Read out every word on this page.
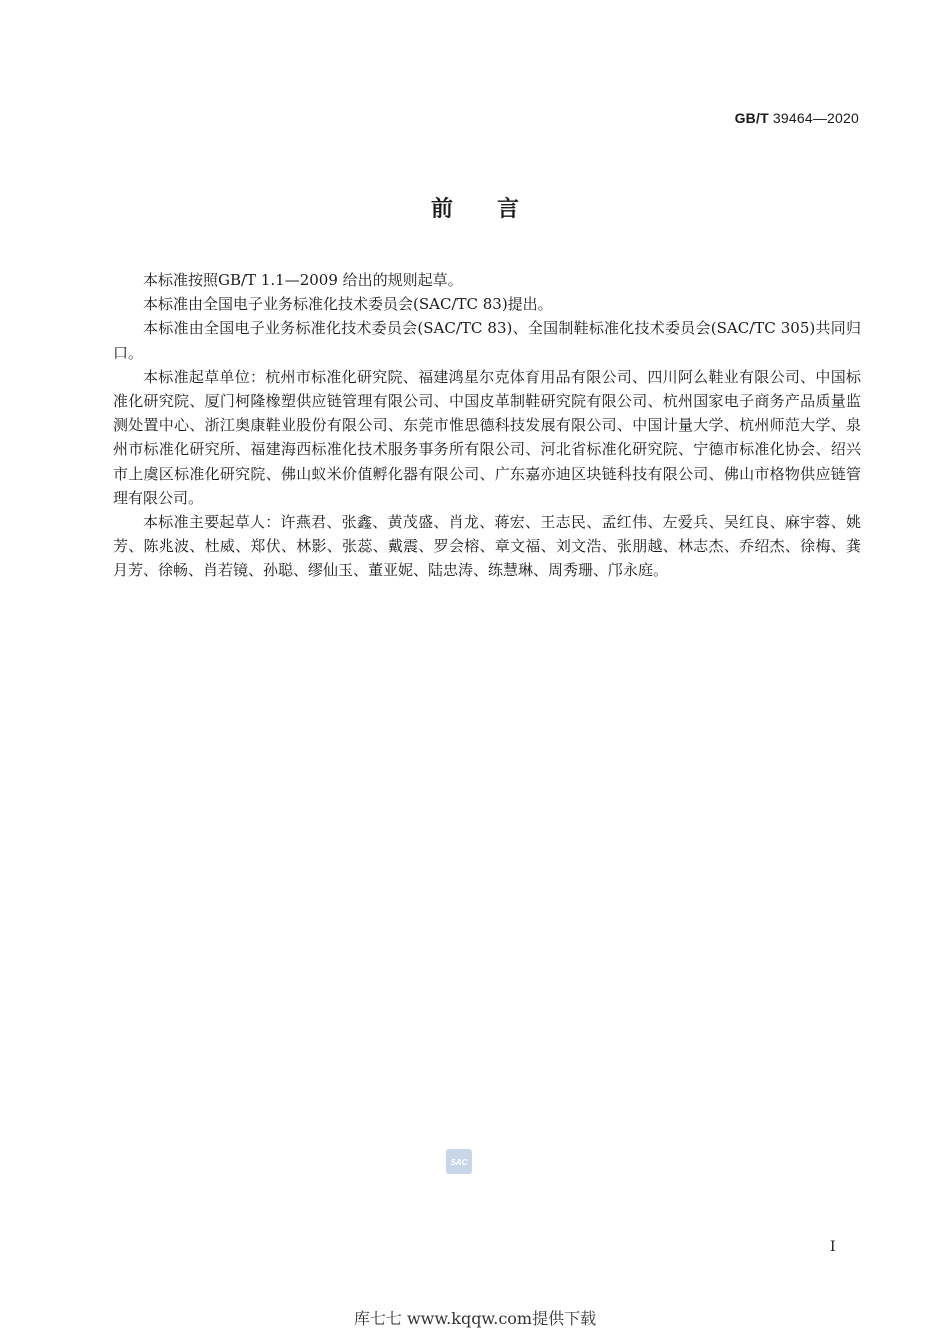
GB/T 39464—2020
前言

本标准按照GB/T 1.1—2009 给出的规则起草。

本标准由全国电子业务标准化技术委员会(SAC/TC 83)提出。

本标准由全国电子业务标准化技术委员会(SAC/TC 83)、全国制鞋标准化技术委员会(SAC/TC 305)共同归口。

本标准起草单位：杭州市标准化研究院、福建鸿星尔克体育用品有限公司、四川阿么鞋业有限公司、中国标准化研究院、厦门柯隆橡塑供应链管理有限公司、中国皮革制鞋研究院有限公司、杭州国家电子商务产品质量监测处置中心、浙江奥康鞋业股份有限公司、东莞市惟思德科技发展有限公司、中国计量大学、杭州师范大学、泉州市标准化研究所、福建海西标准化技术服务事务所有限公司、河北省标准化研究院、宁德市标准化协会、绍兴市上虞区标准化研究院、佛山蚁米价值孵化器有限公司、广东嘉亦迪区块链科技有限公司、佛山市格物供应链管理有限公司。

本标准主要起草人：许燕君、张鑫、黄茂盛、肖龙、蒋宏、王志民、孟红伟、左爱兵、吴红良、麻宇蓉、姚芳、陈兆波、杜威、郑伏、林影、张蕊、戴震、罗会榕、章文福、刘文浩、张朋越、林志杰、乔绍杰、徐梅、龚月芳、徐畅、肖若镜、孙聪、缪仙玉、董亚妮、陆忠涛、练慧琳、周秀珊、邝永庭。

SAC
I
库七七 www.kqqw.com提供下载
